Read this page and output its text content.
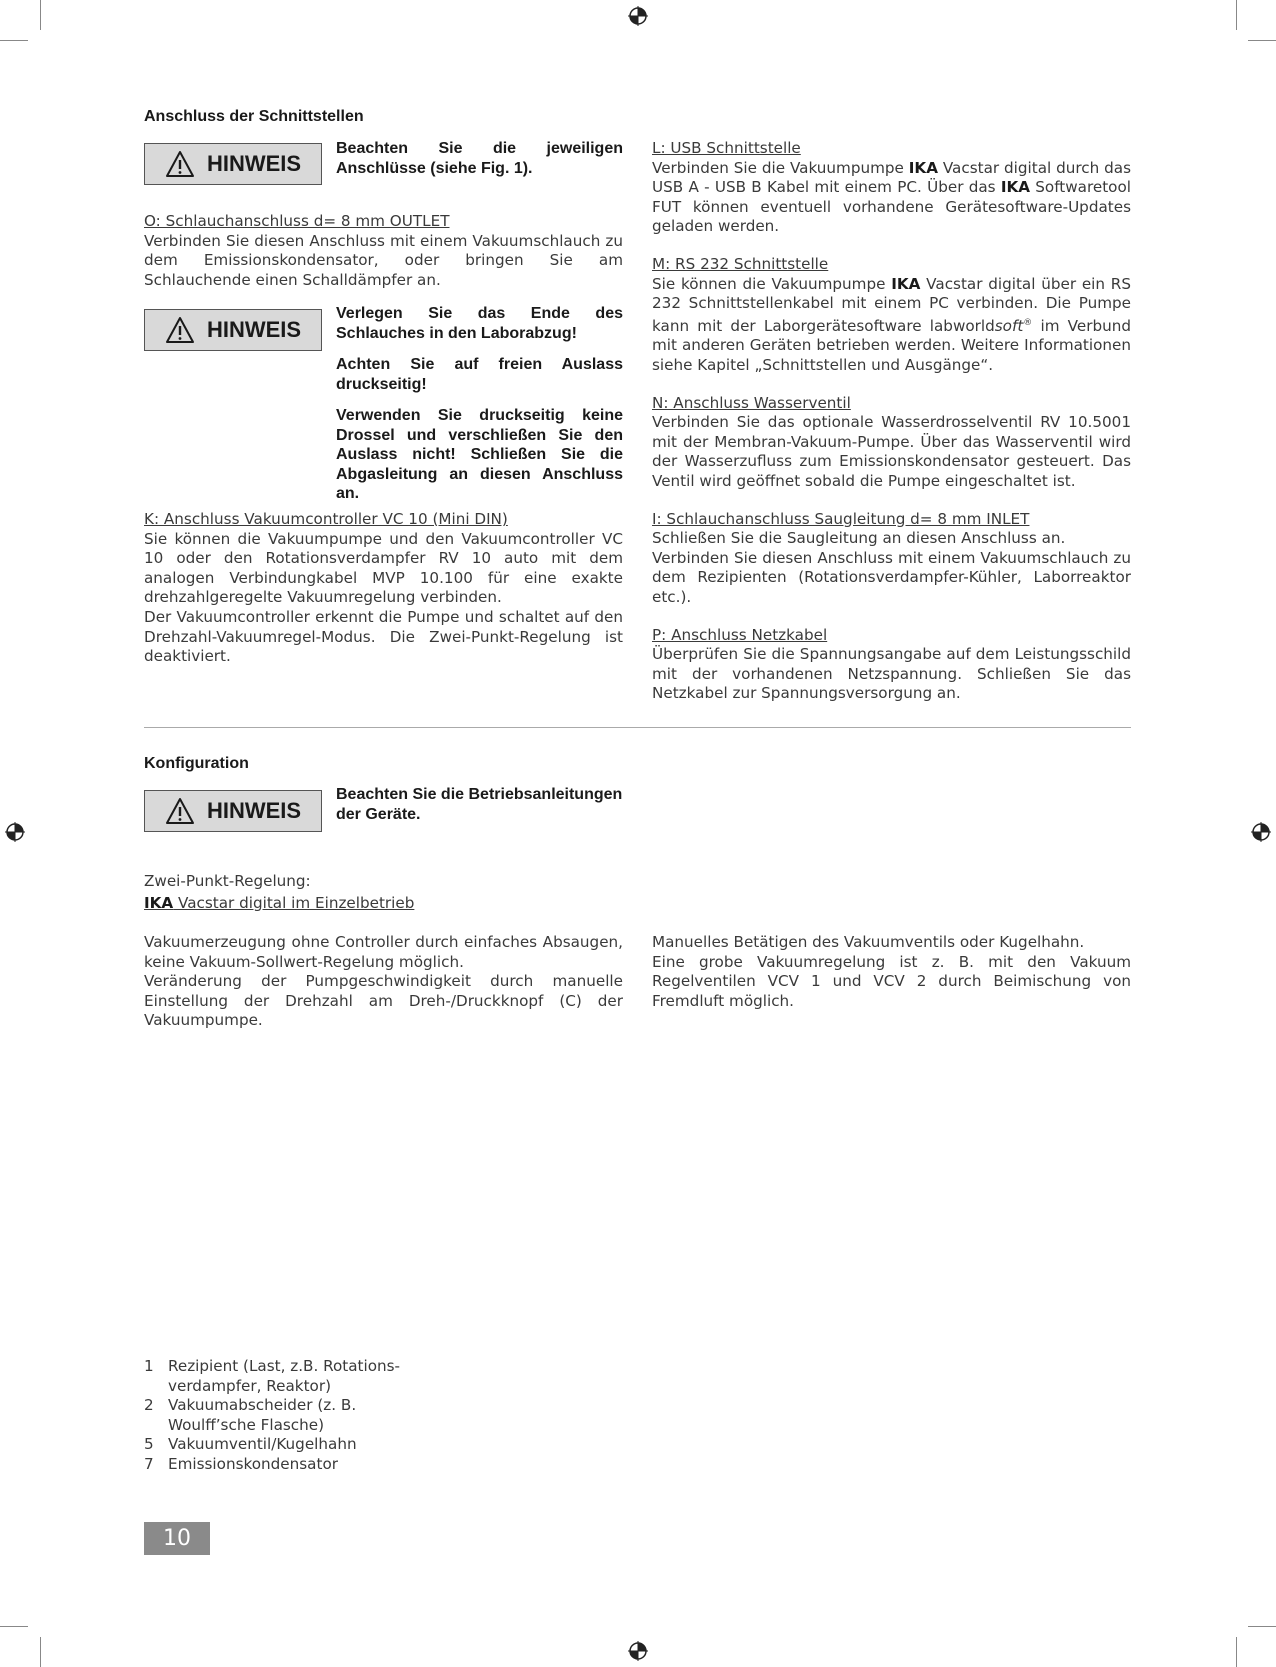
Anschluss der Schnittstellen
HINWEIS

Beachten Sie die jeweiligen Anschlüsse (siehe Fig. 1).

O: Schlauchanschluss d= 8 mm OUTLET

Verbinden Sie diesen Anschluss mit einem Vakuumschlauch zu dem Emissionskondensator, oder bringen Sie am Schlauchende einen Schalldämpfer an.

HINWEIS

Verlegen Sie das Ende des Schlauches in den Laborabzug!

Achten Sie auf freien Auslass druckseitig!

Verwenden Sie druckseitig keine Drossel und verschließen Sie den Auslass nicht! Schließen Sie die Abgasleitung an diesen Anschluss an.

K: Anschluss Vakuumcontroller VC 10 (Mini DIN)

Sie können die Vakuumpumpe und den Vakuumcontroller VC 10 oder den Rotationsverdampfer RV 10 auto mit dem analogen Verbindungkabel MVP 10.100 für eine exakte drehzahlgeregelte Vakuumregelung verbinden.

Der Vakuumcontroller erkennt die Pumpe und schaltet auf den Drehzahl-Vakuumregel-Modus. Die Zwei-Punkt-Regelung ist deaktiviert.

L: USB Schnittstelle

Verbinden Sie die Vakuumpumpe IKA Vacstar digital durch das USB A - USB B Kabel mit einem PC. Über das IKA Softwaretool FUT können eventuell vorhandene Gerätesoftware-Updates geladen werden.

M: RS 232 Schnittstelle

Sie können die Vakuumpumpe IKA Vacstar digital über ein RS 232 Schnittstellenkabel mit einem PC verbinden. Die Pumpe kann mit der Laborgerätesoftware labworldsoft® im Verbund mit anderen Geräten betrieben werden. Weitere Informationen siehe Kapitel „Schnittstellen und Ausgänge“.

N: Anschluss Wasserventil

Verbinden Sie das optionale Wasserdrosselventil RV 10.5001 mit der Membran-Vakuum-Pumpe. Über das Wasserventil wird der Wasserzufluss zum Emissionskondensator gesteuert. Das Ventil wird geöffnet sobald die Pumpe eingeschaltet ist.

I: Schlauchanschluss Saugleitung d= 8 mm INLET

Schließen Sie die Saugleitung an diesen Anschluss an.

Verbinden Sie diesen Anschluss mit einem Vakuumschlauch zu dem Rezipienten (Rotationsverdampfer-Kühler, Laborreaktor etc.).

P: Anschluss Netzkabel

Überprüfen Sie die Spannungsangabe auf dem Leistungsschild mit der vorhandenen Netzspannung. Schließen Sie das Netzkabel zur Spannungsversorgung an.

Konfiguration
HINWEIS

Beachten Sie die Betriebsanleitungen der Geräte.

Zwei-Punkt-Regelung:

IKA Vacstar digital im Einzelbetrieb

Vakuumerzeugung ohne Controller durch einfaches Absaugen, keine Vakuum-Sollwert-Regelung möglich.

Veränderung der Pumpgeschwindigkeit durch manuelle Einstellung der Drehzahl am Dreh-/Druckknopf (C) der Vakuumpumpe.

Manuelles Betätigen des Vakuumventils oder Kugelhahn.

Eine grobe Vakuumregelung ist z. B. mit den Vakuum Regelventilen VCV 1 und VCV 2 durch Beimischung von Fremdluft möglich.

1 Rezipient (Last, z.B. Rotations-
verdampfer, Reaktor)
2 Vakuumabscheider (z. B.
Woulff’sche Flasche)
5 Vakuumventil/Kugelhahn
7 Emissionskondensator
10
